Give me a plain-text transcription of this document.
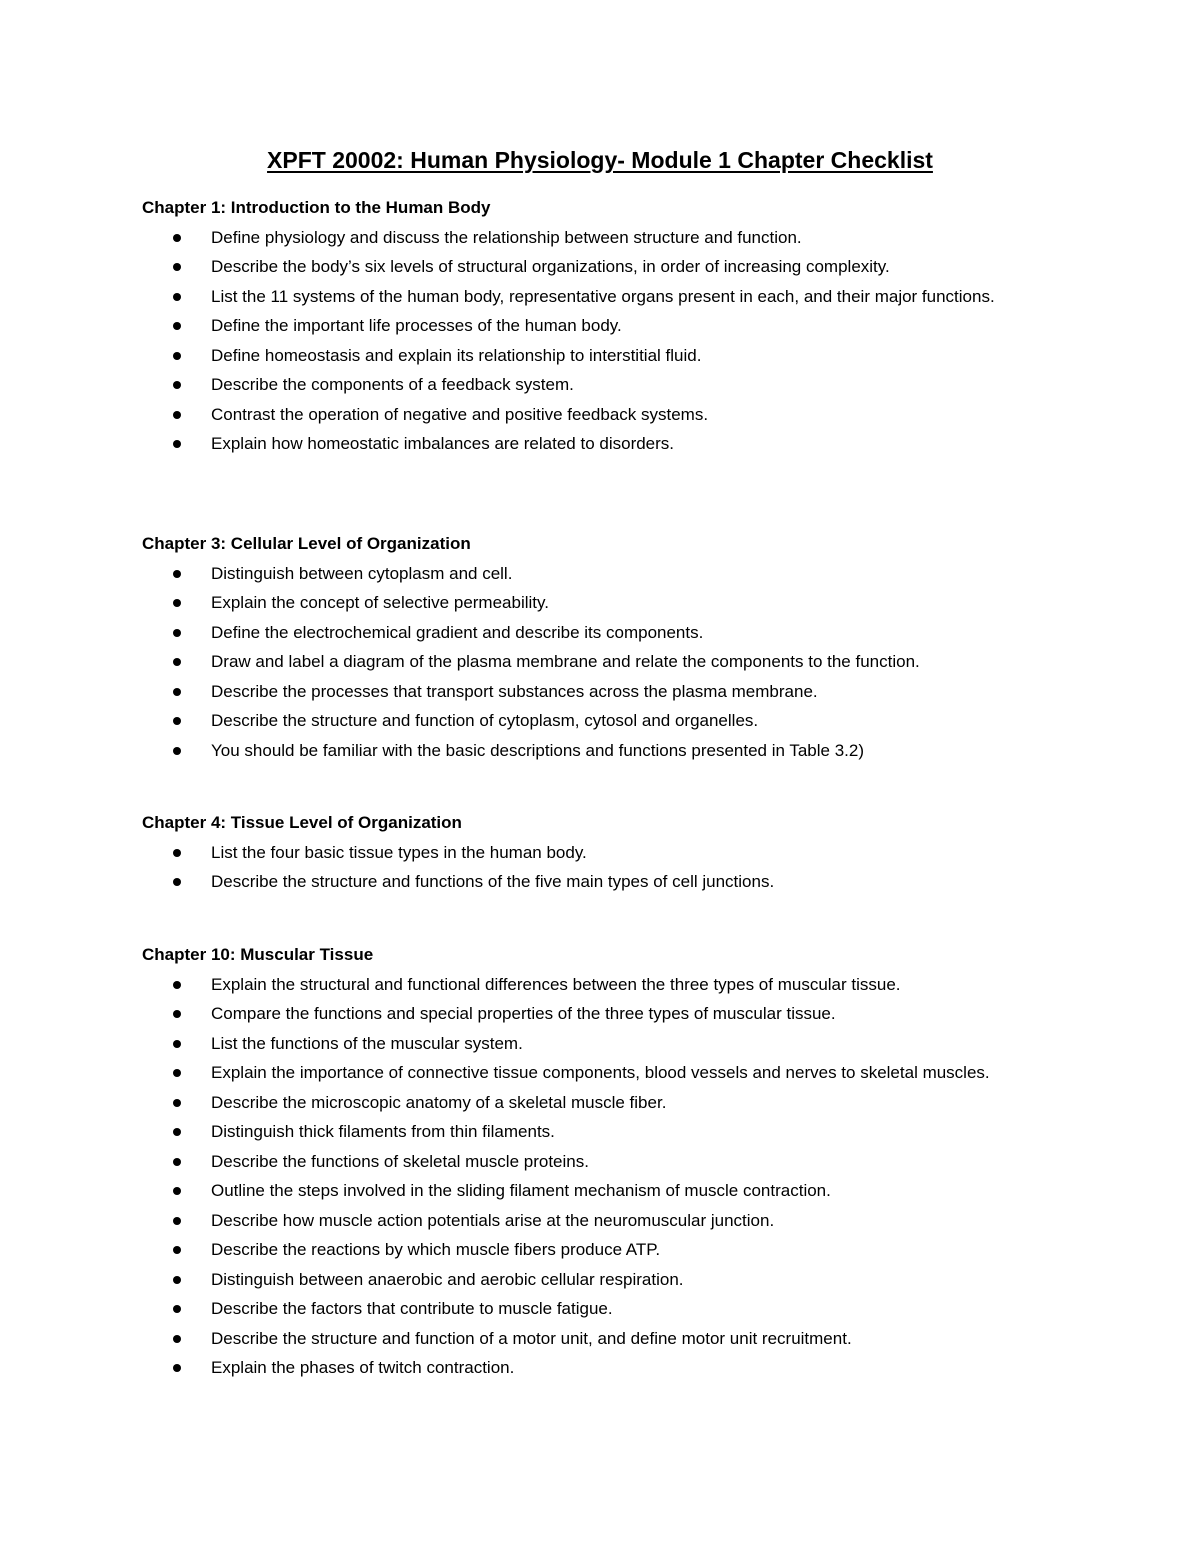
XPFT 20002: Human Physiology- Module 1 Chapter Checklist
Chapter 1: Introduction to the Human Body
Define physiology and discuss the relationship between structure and function.
Describe the body’s six levels of structural organizations, in order of increasing complexity.
List the 11 systems of the human body, representative organs present in each, and their major functions.
Define the important life processes of the human body.
Define homeostasis and explain its relationship to interstitial fluid.
Describe the components of a feedback system.
Contrast the operation of negative and positive feedback systems.
Explain how homeostatic imbalances are related to disorders.
Chapter 3: Cellular Level of Organization
Distinguish between cytoplasm and cell.
Explain the concept of selective permeability.
Define the electrochemical gradient and describe its components.
Draw and label a diagram of the plasma membrane and relate the components to the function.
Describe the processes that transport substances across the plasma membrane.
Describe the structure and function of cytoplasm, cytosol and organelles.
You should be familiar with the basic descriptions and functions presented in Table 3.2)
Chapter 4: Tissue Level of Organization
List the four basic tissue types in the human body.
Describe the structure and functions of the five main types of cell junctions.
Chapter 10: Muscular Tissue
Explain the structural and functional differences between the three types of muscular tissue.
Compare the functions and special properties of the three types of muscular tissue.
List the functions of the muscular system.
Explain the importance of connective tissue components, blood vessels and nerves to skeletal muscles.
Describe the microscopic anatomy of a skeletal muscle fiber.
Distinguish thick filaments from thin filaments.
Describe the functions of skeletal muscle proteins.
Outline the steps involved in the sliding filament mechanism of muscle contraction.
Describe how muscle action potentials arise at the neuromuscular junction.
Describe the reactions by which muscle fibers produce ATP.
Distinguish between anaerobic and aerobic cellular respiration.
Describe the factors that contribute to muscle fatigue.
Describe the structure and function of a motor unit, and define motor unit recruitment.
Explain the phases of twitch contraction.
